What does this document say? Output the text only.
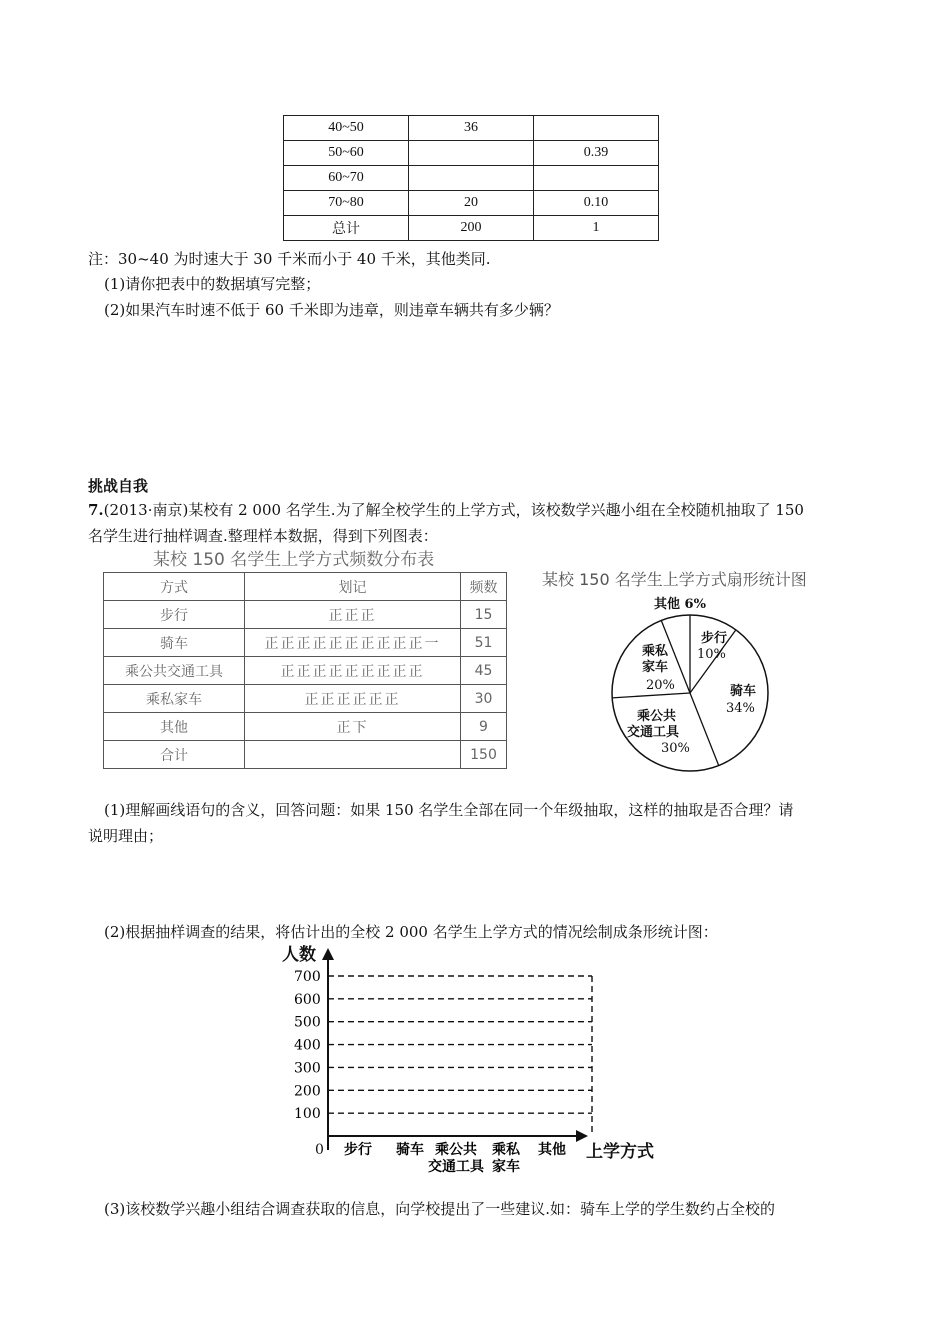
40~50	36	
50~60		0.39
60~70		
70~80	20	0.10
总计	200	1
注：30~40 为时速大于 30 千米而小于 40 千米，其他类同.
(1)请你把表中的数据填写完整；
(2)如果汽车时速不低于 60 千米即为违章，则违章车辆共有多少辆？
挑战自我
7.(2013·南京)某校有 2 000 名学生.为了解全校学生的上学方式，该校数学兴趣小组在全校随机抽取了 150
名学生进行抽样调查.整理样本数据，得到下列图表：
某校 150 名学生上学方式频数分布表
方式	划记	频数
步行	正正正	15
骑车	正正正正正正正正正正一	51
乘公共交通工具	正正正正正正正正正	45
乘私家车	正正正正正正	30
其他	正下	9
合计		150
某校 150 名学生上学方式扇形统计图
其他 6%
步行
10%
骑车
34%
乘私
家车
20%
乘公共
交通工具
30%
(1)理解画线语句的含义，回答问题：如果 150 名学生全部在同一个年级抽取，这样的抽取是否合理？请
说明理由；
(2)根据抽样调查的结果，将估计出的全校 2 000 名学生上学方式的情况绘制成条形统计图：
人数
上学方式
0
100
200
300
400
500
600
700
步行 骑车 乘公共
交通工具
乘私
家车
其他
(3)该校数学兴趣小组结合调查获取的信息，向学校提出了一些建议.如：骑车上学的学生数约占全校的
